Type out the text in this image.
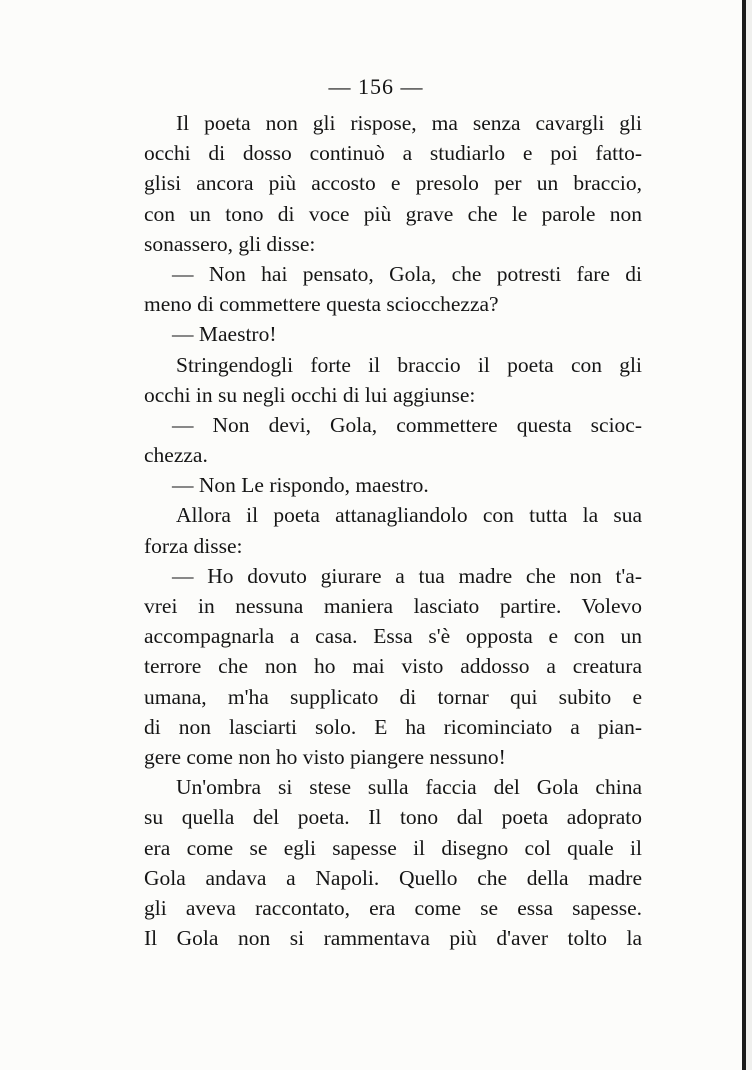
— 156 —
Il poeta non gli rispose, ma senza cavargli gli
occhi di dosso continuò a studiarlo e poi fatto-
glisi ancora più accosto e presolo per un braccio,
con un tono di voce più grave che le parole non
sonassero, gli disse:
— Non hai pensato, Gola, che potresti fare di
meno di commettere questa sciocchezza?
— Maestro!
Stringendogli forte il braccio il poeta con gli
occhi in su negli occhi di lui aggiunse:
— Non devi, Gola, commettere questa scioc-
chezza.
— Non Le rispondo, maestro.
Allora il poeta attanagliandolo con tutta la sua
forza disse:
— Ho dovuto giurare a tua madre che non t'a-
vrei in nessuna maniera lasciato partire. Volevo
accompagnarla a casa. Essa s'è opposta e con un
terrore che non ho mai visto addosso a creatura
umana, m'ha supplicato di tornar qui subito e
di non lasciarti solo. E ha ricominciato a pian-
gere come non ho visto piangere nessuno!
Un'ombra si stese sulla faccia del Gola china
su quella del poeta. Il tono dal poeta adoprato
era come se egli sapesse il disegno col quale il
Gola andava a Napoli. Quello che della madre
gli aveva raccontato, era come se essa sapesse.
Il Gola non si rammentava più d'aver tolto la
